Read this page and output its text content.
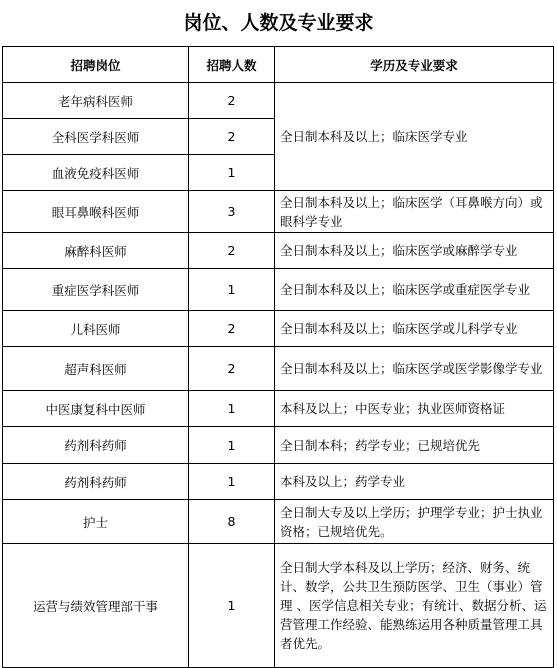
岗位、人数及专业要求
招聘岗位	招聘人数	学历及专业要求
老年病科医师	2	全日制本科及以上；临床医学专业
全科医学科医师	2	
血液免疫科医师	1	
眼耳鼻喉科医师	3	全日制本科及以上；临床医学（耳鼻喉方向）或眼科学专业
麻醉科医师	2	全日制本科及以上；临床医学或麻醉学专业
重症医学科医师	1	全日制本科及以上；临床医学或重症医学专业
儿科医师	2	全日制本科及以上；临床医学或儿科学专业
超声科医师	2	全日制本科及以上；临床医学或医学影像学专业
中医康复科中医师	1	本科及以上；中医专业；执业医师资格证
药剂科药师	1	全日制本科；药学专业；已规培优先
药剂科药师	1	本科及以上；药学专业
护士	8	全日制大专及以上学历；护理学专业；护士执业资格；已规培优先。
运营与绩效管理部干事	1	全日制大学本科及以上学历；经济、财务、统计、数学，公共卫生预防医学、卫生（事业）管理 、医学信息相关专业；有统计、数据分析、运营管理工作经验、能熟练运用各种质量管理工具者优先。
